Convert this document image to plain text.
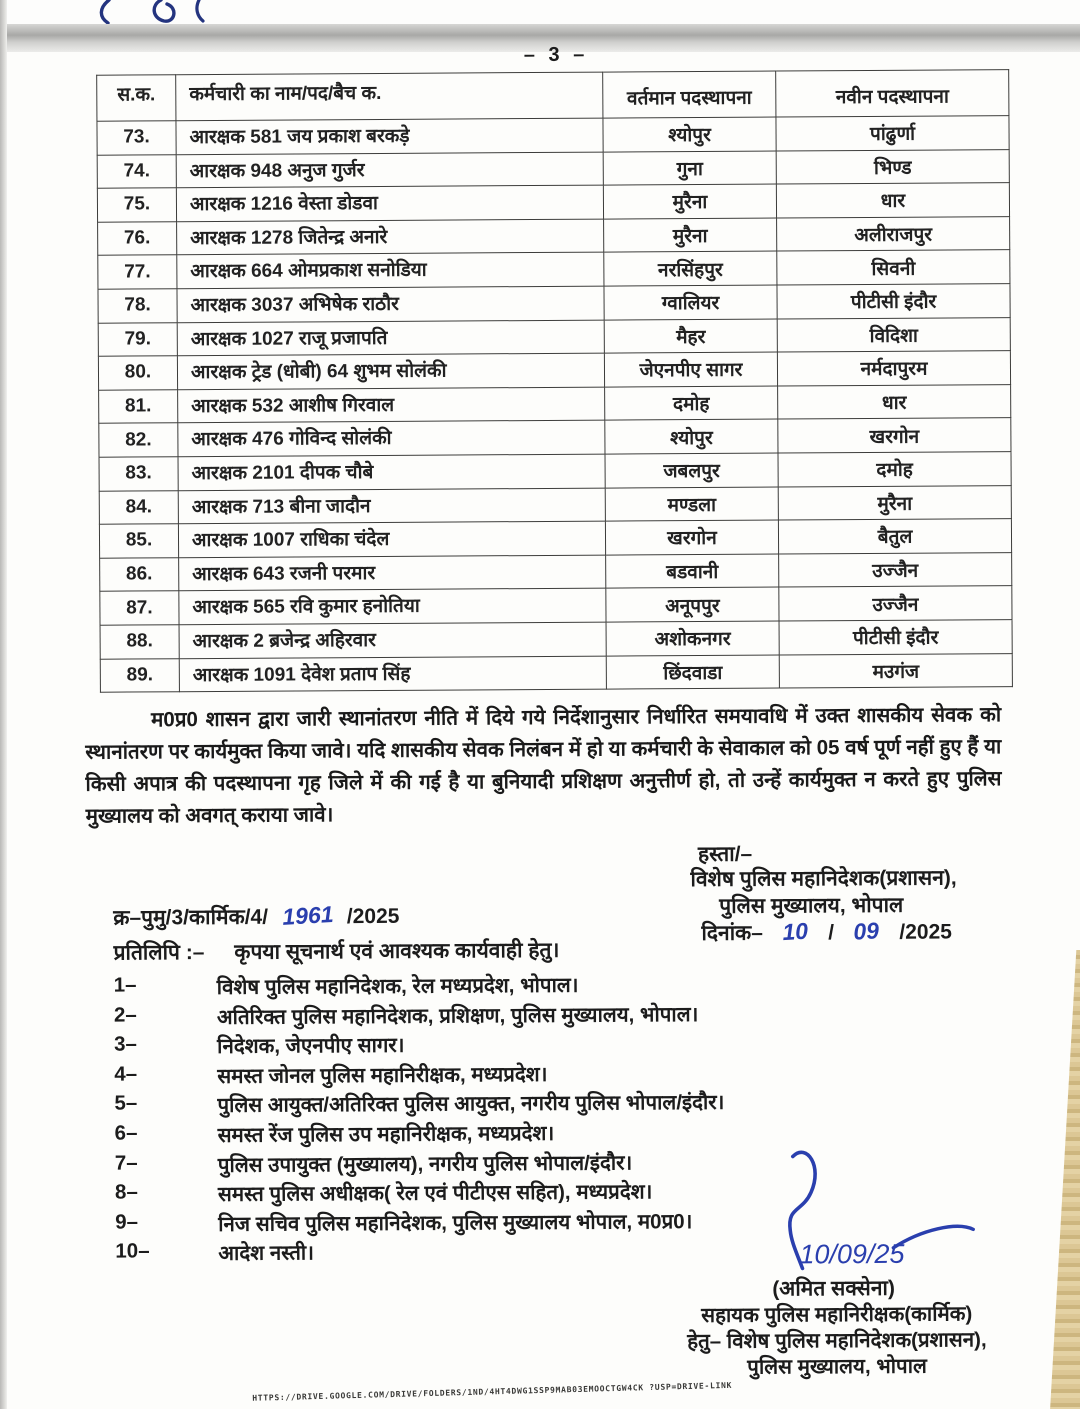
– 3 –
स.क.	कर्मचारी का नाम/पद/बैच क.	वर्तमान पदस्थापना	नवीन पदस्थापना
73.	आरक्षक 581 जय प्रकाश बरकड़े	श्योपुर	पांढुर्णा
74.	आरक्षक 948 अनुज गुर्जर	गुना	भिण्ड
75.	आरक्षक 1216 वेस्ता डोडवा	मुरैना	धार
76.	आरक्षक 1278 जितेन्द्र अनारे	मुरैना	अलीराजपुर
77.	आरक्षक 664 ओमप्रकाश सनोडिया	नरसिंहपुर	सिवनी
78.	आरक्षक 3037 अभिषेक राठौर	ग्वालियर	पीटीसी इंदौर
79.	आरक्षक 1027 राजू प्रजापति	मैहर	विदिशा
80.	आरक्षक ट्रेड (धोबी) 64 शुभम सोलंकी	जेएनपीए सागर	नर्मदापुरम
81.	आरक्षक 532 आशीष गिरवाल	दमोह	धार
82.	आरक्षक 476 गोविन्द सोलंकी	श्योपुर	खरगोन
83.	आरक्षक 2101 दीपक चौबे	जबलपुर	दमोह
84.	आरक्षक 713 बीना जादौन	मण्डला	मुरैना
85.	आरक्षक 1007 राधिका चंदेल	खरगोन	बैतुल
86.	आरक्षक 643 रजनी परमार	बडवानी	उज्जैन
87.	आरक्षक 565 रवि कुमार हनोतिया	अनूपपुर	उज्जैन
88.	आरक्षक 2 ब्रजेन्द्र अहिरवार	अशोकनगर	पीटीसी इंदौर
89.	आरक्षक 1091 देवेश प्रताप सिंह	छिंदवाडा	मउगंज
म0प्र0 शासन द्वारा जारी स्थानांतरण नीति में दिये गये निर्देशानुसार निर्धारित समयावधि में उक्त शासकीय सेवक को स्थानांतरण पर कार्यमुक्त किया जावे। यदि शासकीय सेवक निलंबन में हो या कर्मचारी के सेवाकाल को 05 वर्ष पूर्ण नहीं हुए हैं या किसी अपात्र की पदस्थापना गृह जिले में की गई है या बुनियादी प्रशिक्षण अनुत्तीर्ण हो, तो उन्हें कार्यमुक्त न करते हुए पुलिस मुख्यालय को अवगत् कराया जावे।
हस्ता/–
विशेष पुलिस महानिदेशक(प्रशासन),
पुलिस मुख्यालय, भोपाल
दिनांक– 10 / 09 /2025
क्र–पुमु/3/कार्मिक/4/ 1961 /2025
प्रतिलिपि :– कृपया सूचनार्थ एवं आवश्यक कार्यवाही हेतु।
1–	विशेष पुलिस महानिदेशक, रेल मध्यप्रदेश, भोपाल।
2–	अतिरिक्त पुलिस महानिदेशक, प्रशिक्षण, पुलिस मुख्यालय, भोपाल।
3–	निदेशक, जेएनपीए सागर।
4–	समस्त जोनल पुलिस महानिरीक्षक, मध्यप्रदेश।
5–	पुलिस आयुक्त/अतिरिक्त पुलिस आयुक्त, नगरीय पुलिस भोपाल/इंदौर।
6–	समस्त रेंज पुलिस उप महानिरीक्षक, मध्यप्रदेश।
7–	पुलिस उपायुक्त (मुख्यालय), नगरीय पुलिस भोपाल/इंदौर।
8–	समस्त पुलिस अधीक्षक( रेल एवं पीटीएस सहित), मध्यप्रदेश।
9–	निज सचिव पुलिस महानिदेशक, पुलिस मुख्यालय भोपाल, म0प्र0।
10–	आदेश नस्ती।	10/09/25
(अमित सक्सेना)
सहायक पुलिस महानिरीक्षक(कार्मिक)
हेतु– विशेष पुलिस महानिदेशक(प्रशासन),
पुलिस मुख्यालय, भोपाल
HTTPS://DRIVE.GOOGLE.COM/DRIVE/FOLDERS/1ND/4HT4DWG1SSP9MAB03EMOOCTGW4CK ?USP=DRIVE-LINK
